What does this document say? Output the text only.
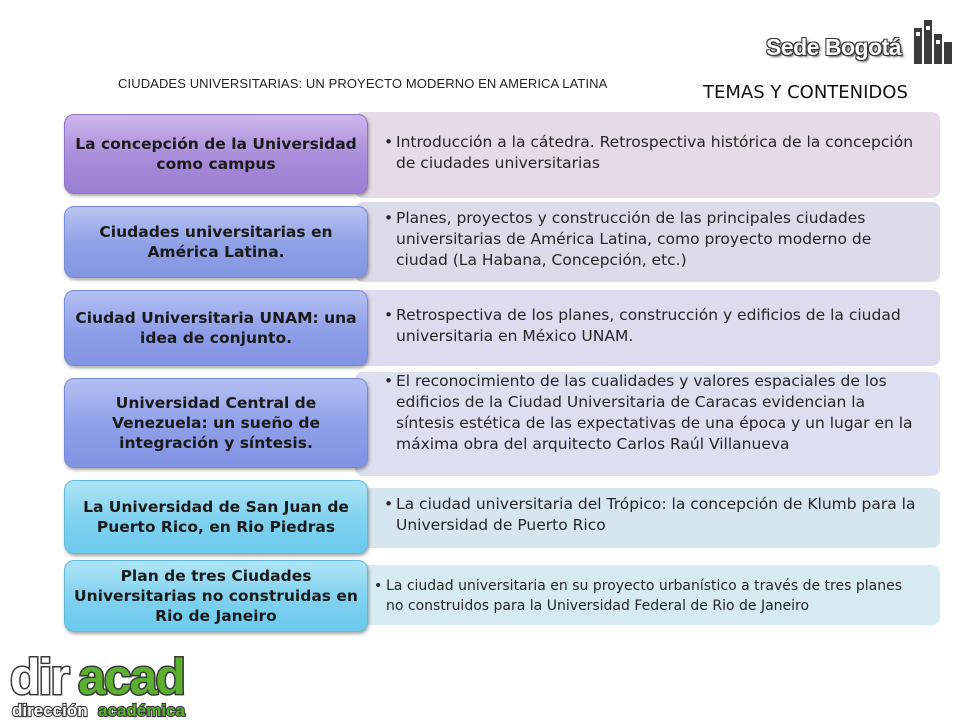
CIUDADES UNIVERSITARIAS: UN PROYECTO MODERNO EN AMERICA LATINA	TEMAS Y CONTENIDOS
Sede Bogotá
La concepción de la Universidad como campus
• Introducción a la cátedra. Retrospectiva histórica de la concepción de ciudades universitarias
Ciudades universitarias en América Latina.
• Planes, proyectos y construcción de las principales ciudades universitarias de América Latina, como proyecto moderno de ciudad (La Habana, Concepción, etc.)
Ciudad Universitaria UNAM: una idea de conjunto.
• Retrospectiva de los planes, construcción y edificios de la ciudad universitaria en México UNAM.
Universidad Central de Venezuela: un sueño de integración y síntesis.
• El reconocimiento de las cualidades y valores espaciales de los edificios de la Ciudad Universitaria de Caracas evidencian la síntesis estética de las expectativas de una época y un lugar en la máxima obra del arquitecto Carlos Raúl Villanueva
La Universidad de San Juan de Puerto Rico, en Rio Piedras
• La ciudad universitaria del Trópico: la concepción de Klumb para la Universidad de Puerto Rico
Plan de tres Ciudades Universitarias no construidas en Rio de Janeiro
• La ciudad universitaria en su proyecto urbanístico a través de tres planes no construidos para la Universidad Federal de Rio de Janeiro
dir acad
dirección académica
